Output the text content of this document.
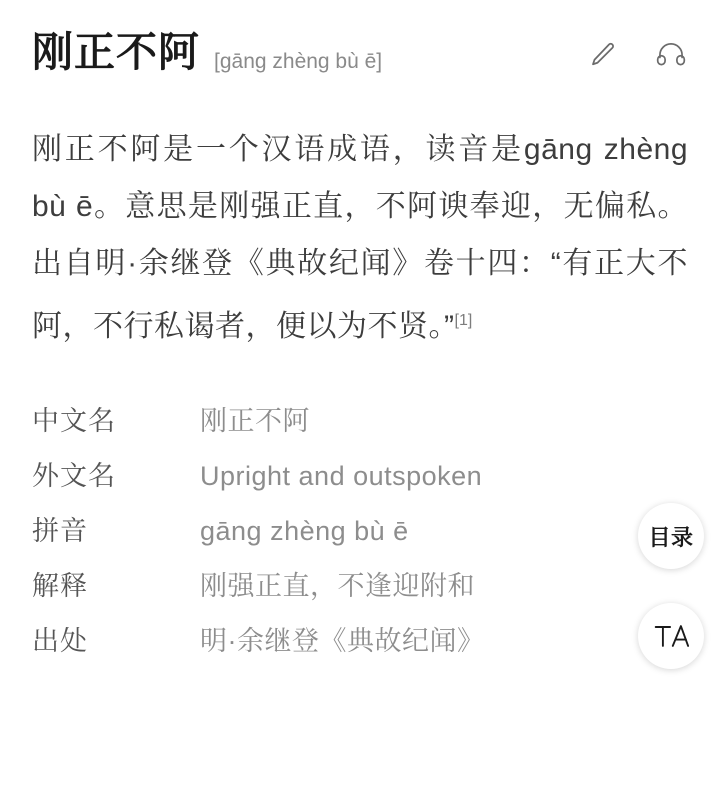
刚正不阿 [gāng zhèng bù ē]
刚正不阿是一个汉语成语，读音是gāng zhèng bù ē。意思是刚强正直，不阿谀奉迎，无偏私。出自明·余继登《典故纪闻》卷十四：“有正大不阿，不行私谒者，便以为不贤。”[1]
中文名	刚正不阿
外文名	Upright and outspoken
拼音	gāng zhèng bù ē
解释	刚强正直，不逢迎附和
出处	明·余继登《典故纪闻》
目录
